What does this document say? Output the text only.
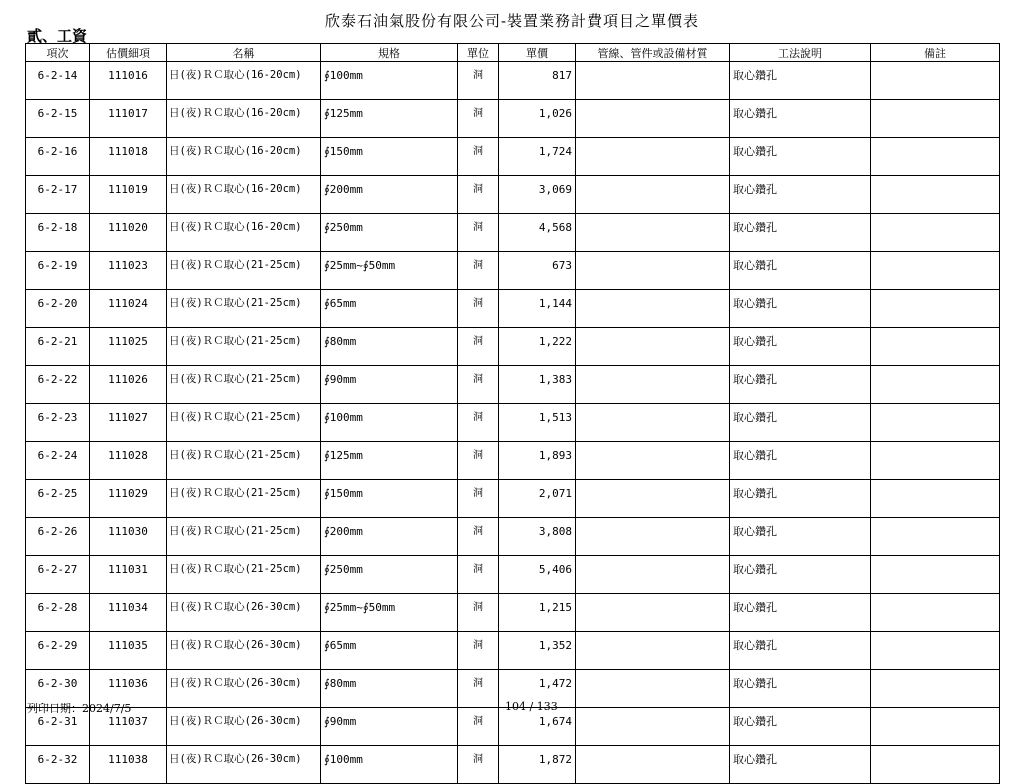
欣泰石油氣股份有限公司-裝置業務計費項目之單價表
貳、工資
項次	估價細項	名稱	規格	單位	單價	管線、管件或設備材質	工法說明	備註
6-2-14	111016	日(夜)ＲＣ取心(16-20cm)	∮100mm	洞	817		取心鑽孔	
6-2-15	111017	日(夜)ＲＣ取心(16-20cm)	∮125mm	洞	1,026		取心鑽孔	
6-2-16	111018	日(夜)ＲＣ取心(16-20cm)	∮150mm	洞	1,724		取心鑽孔	
6-2-17	111019	日(夜)ＲＣ取心(16-20cm)	∮200mm	洞	3,069		取心鑽孔	
6-2-18	111020	日(夜)ＲＣ取心(16-20cm)	∮250mm	洞	4,568		取心鑽孔	
6-2-19	111023	日(夜)ＲＣ取心(21-25cm)	∮25mm~∮50mm	洞	673		取心鑽孔	
6-2-20	111024	日(夜)ＲＣ取心(21-25cm)	∮65mm	洞	1,144		取心鑽孔	
6-2-21	111025	日(夜)ＲＣ取心(21-25cm)	∮80mm	洞	1,222		取心鑽孔	
6-2-22	111026	日(夜)ＲＣ取心(21-25cm)	∮90mm	洞	1,383		取心鑽孔	
6-2-23	111027	日(夜)ＲＣ取心(21-25cm)	∮100mm	洞	1,513		取心鑽孔	
6-2-24	111028	日(夜)ＲＣ取心(21-25cm)	∮125mm	洞	1,893		取心鑽孔	
6-2-25	111029	日(夜)ＲＣ取心(21-25cm)	∮150mm	洞	2,071		取心鑽孔	
6-2-26	111030	日(夜)ＲＣ取心(21-25cm)	∮200mm	洞	3,808		取心鑽孔	
6-2-27	111031	日(夜)ＲＣ取心(21-25cm)	∮250mm	洞	5,406		取心鑽孔	
6-2-28	111034	日(夜)ＲＣ取心(26-30cm)	∮25mm~∮50mm	洞	1,215		取心鑽孔	
6-2-29	111035	日(夜)ＲＣ取心(26-30cm)	∮65mm	洞	1,352		取心鑽孔	
6-2-30	111036	日(夜)ＲＣ取心(26-30cm)	∮80mm	洞	1,472		取心鑽孔	
6-2-31	111037	日(夜)ＲＣ取心(26-30cm)	∮90mm	洞	1,674		取心鑽孔	
6-2-32	111038	日(夜)ＲＣ取心(26-30cm)	∮100mm	洞	1,872		取心鑽孔	
列印日期：2024/7/5	104 / 133
